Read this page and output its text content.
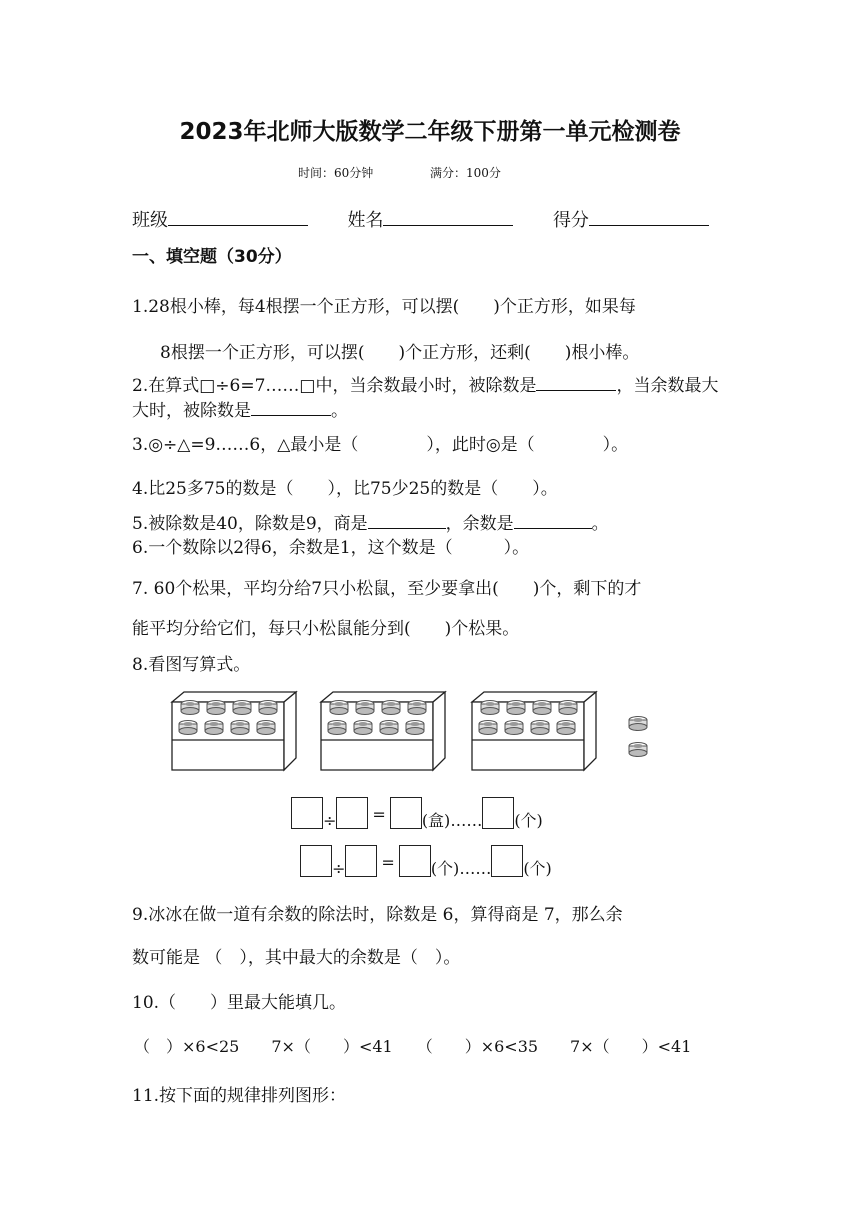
2023年北师大版数学二年级下册第一单元检测卷
时间：60分钟	满分：100分
班级	姓名	得分
一、填空题（30分）
1.28根小棒，每4根摆一个正方形，可以摆(　　)个正方形，如果每
8根摆一个正方形，可以摆(　　)个正方形，还剩(　　)根小棒。
2.在算式□÷6=7……□中，当余数最小时，被除数是	，当余数最大
大时，被除数是	。
3.◎÷△=9……6，△最小是（　　　　），此时◎是（　　　　）。
4.比25多75的数是（　　），比75少25的数是（　　）。
5.被除数是40，除数是9，商是	，余数是	。
6.一个数除以2得6，余数是1，这个数是（　　　）。
7. 60个松果，平均分给7只小松鼠，至少要拿出(　　)个，剩下的才
能平均分给它们，每只小松鼠能分到(　　)个松果。
8.看图写算式。
÷ = (盒) …… (个)
÷ = (个) …… (个)
9.冰冰在做一道有余数的除法时，除数是 6，算得商是 7，那么余
数可能是 （　），其中最大的余数是（　）。
10.（　　）里最大能填几。
（　）×6<25　　7×（　　）<41　　（　　）×6<35　　7×（　　）<41
11.按下面的规律排列图形：
